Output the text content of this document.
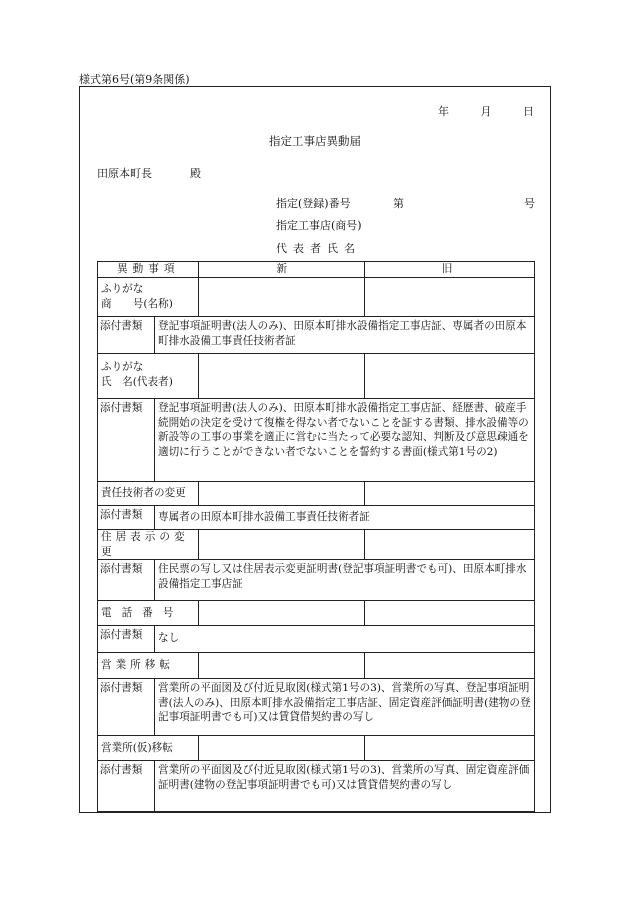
様式第6号(第9条関係)
年	月	日
指定工事店異動届
田原本町長	殿
指定(登録)番号	第	号
指定工事店(商号)
代表者氏名
異動事項	新	旧

ふりがな
商　　号(名称)		

添付書類 登記事項証明書(法人のみ)、田原本町排水設備指定工事店証、専属者の田原本町排水設備工事責任技術者証		

ふりがな
氏　名(代表者)		

添付書類 登記事項証明書(法人のみ)、田原本町排水設備指定工事店証、経歴書、破産手続開始の決定を受けて復権を得ない者でないことを証する書類、排水設備等の新設等の工事の事業を適正に営むに当たって必要な認知、判断及び意思疎通を適切に行うことができない者でないことを誓約する書面(様式第1号の2)		

責任技術者の変更		

添付書類 専属者の田原本町排水設備工事責任技術者証		

住居表示の変更		

添付書類 住民票の写し又は住居表示変更証明書(登記事項証明書でも可)、田原本町排水設備指定工事店証		

電話番号		

添付書類 なし		

営業所移転		

添付書類 営業所の平面図及び付近見取図(様式第1号の3)、営業所の写真、登記事項証明書(法人のみ)、田原本町排水設備指定工事店証、固定資産評価証明書(建物の登記事項証明書でも可)又は賃貸借契約書の写し		

営業所(仮)移転		

添付書類 営業所の平面図及び付近見取図(様式第1号の3)、営業所の写真、固定資産評価証明書(建物の登記事項証明書でも可)又は賃貸借契約書の写し		
